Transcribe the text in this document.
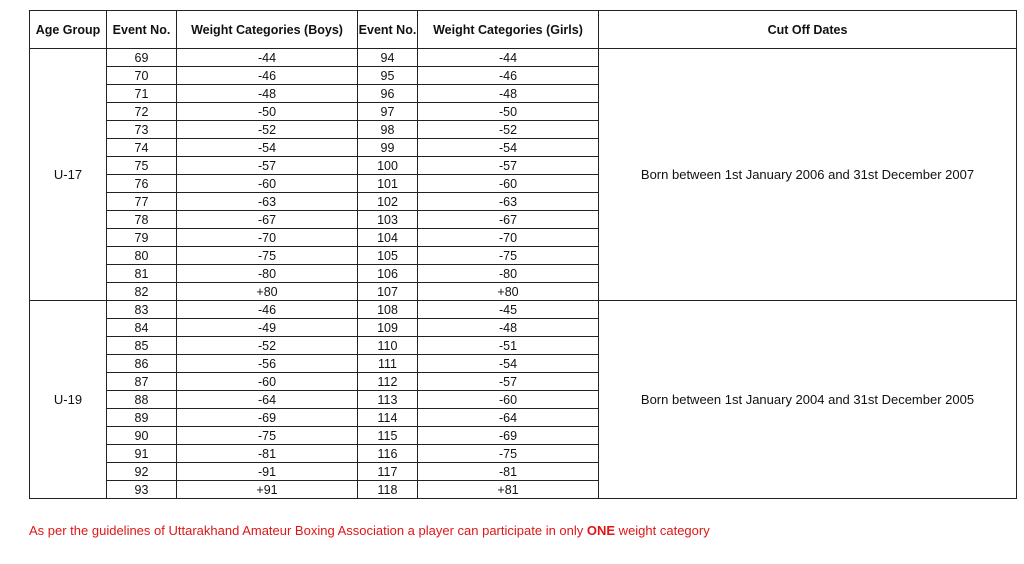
Age Group	Event No.	Weight Categories (Boys)	Event No.	Weight Categories (Girls)	Cut Off Dates
U-17	69	-44	94	-44	Born between 1st January 2006 and 31st December 2007
	70	-46	95	-46	
	71	-48	96	-48	
	72	-50	97	-50	
	73	-52	98	-52	
	74	-54	99	-54	
	75	-57	100	-57	
	76	-60	101	-60	
	77	-63	102	-63	
	78	-67	103	-67	
	79	-70	104	-70	
	80	-75	105	-75	
	81	-80	106	-80	
	82	+80	107	+80	
U-19	83	-46	108	-45	Born between 1st January 2004 and 31st December 2005
	84	-49	109	-48	
	85	-52	110	-51	
	86	-56	111	-54	
	87	-60	112	-57	
	88	-64	113	-60	
	89	-69	114	-64	
	90	-75	115	-69	
	91	-81	116	-75	
	92	-91	117	-81	
	93	+91	118	+81	
As per the guidelines of Uttarakhand Amateur Boxing Association a player can participate in only ONE weight category
